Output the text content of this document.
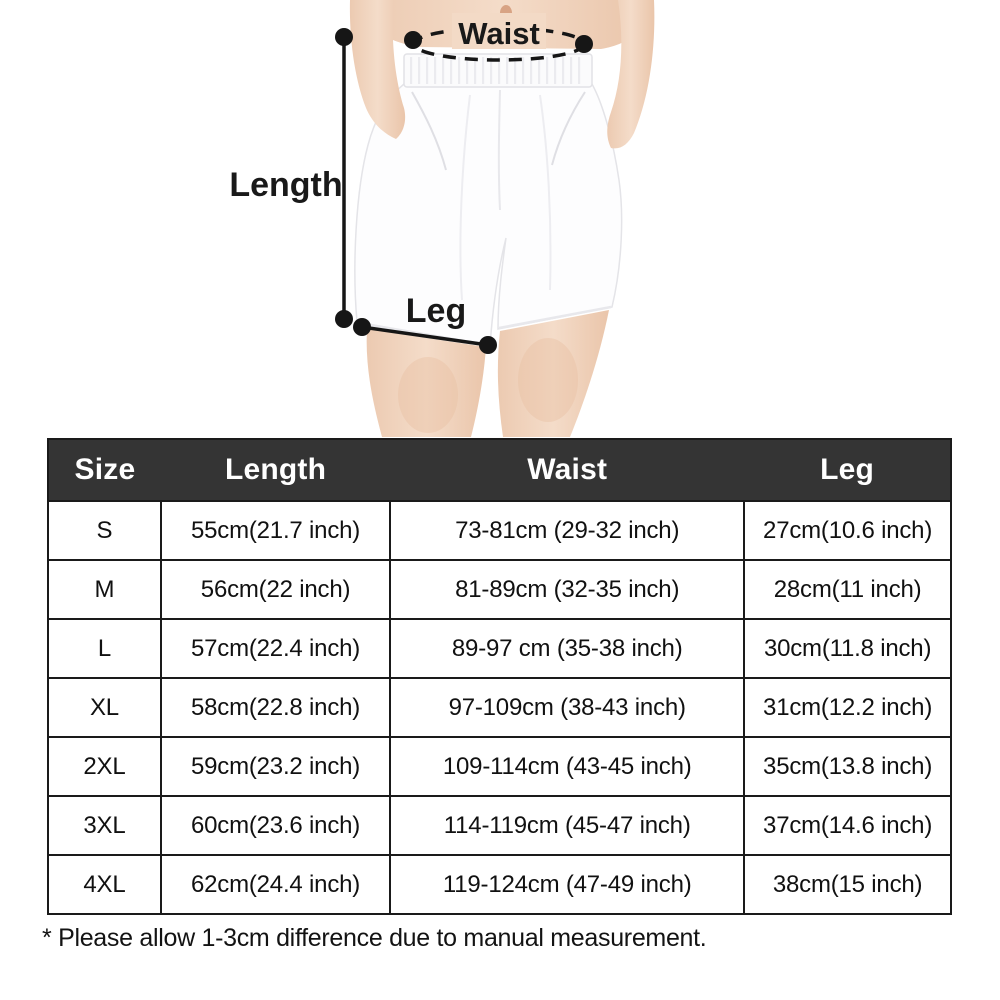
Waist
Length
Leg
Size	Length	Waist	Leg
S	55cm(21.7 inch)	73-81cm (29-32 inch)	27cm(10.6 inch)
M	56cm(22 inch)	81-89cm (32-35 inch)	28cm(11 inch)
L	57cm(22.4 inch)	89-97 cm (35-38 inch)	30cm(11.8 inch)
XL	58cm(22.8 inch)	97-109cm (38-43 inch)	31cm(12.2 inch)
2XL	59cm(23.2 inch)	109-114cm (43-45 inch)	35cm(13.8 inch)
3XL	60cm(23.6 inch)	114-119cm (45-47 inch)	37cm(14.6 inch)
4XL	62cm(24.4 inch)	119-124cm (47-49 inch)	38cm(15 inch)
* Please allow 1-3cm difference due to manual measurement.
